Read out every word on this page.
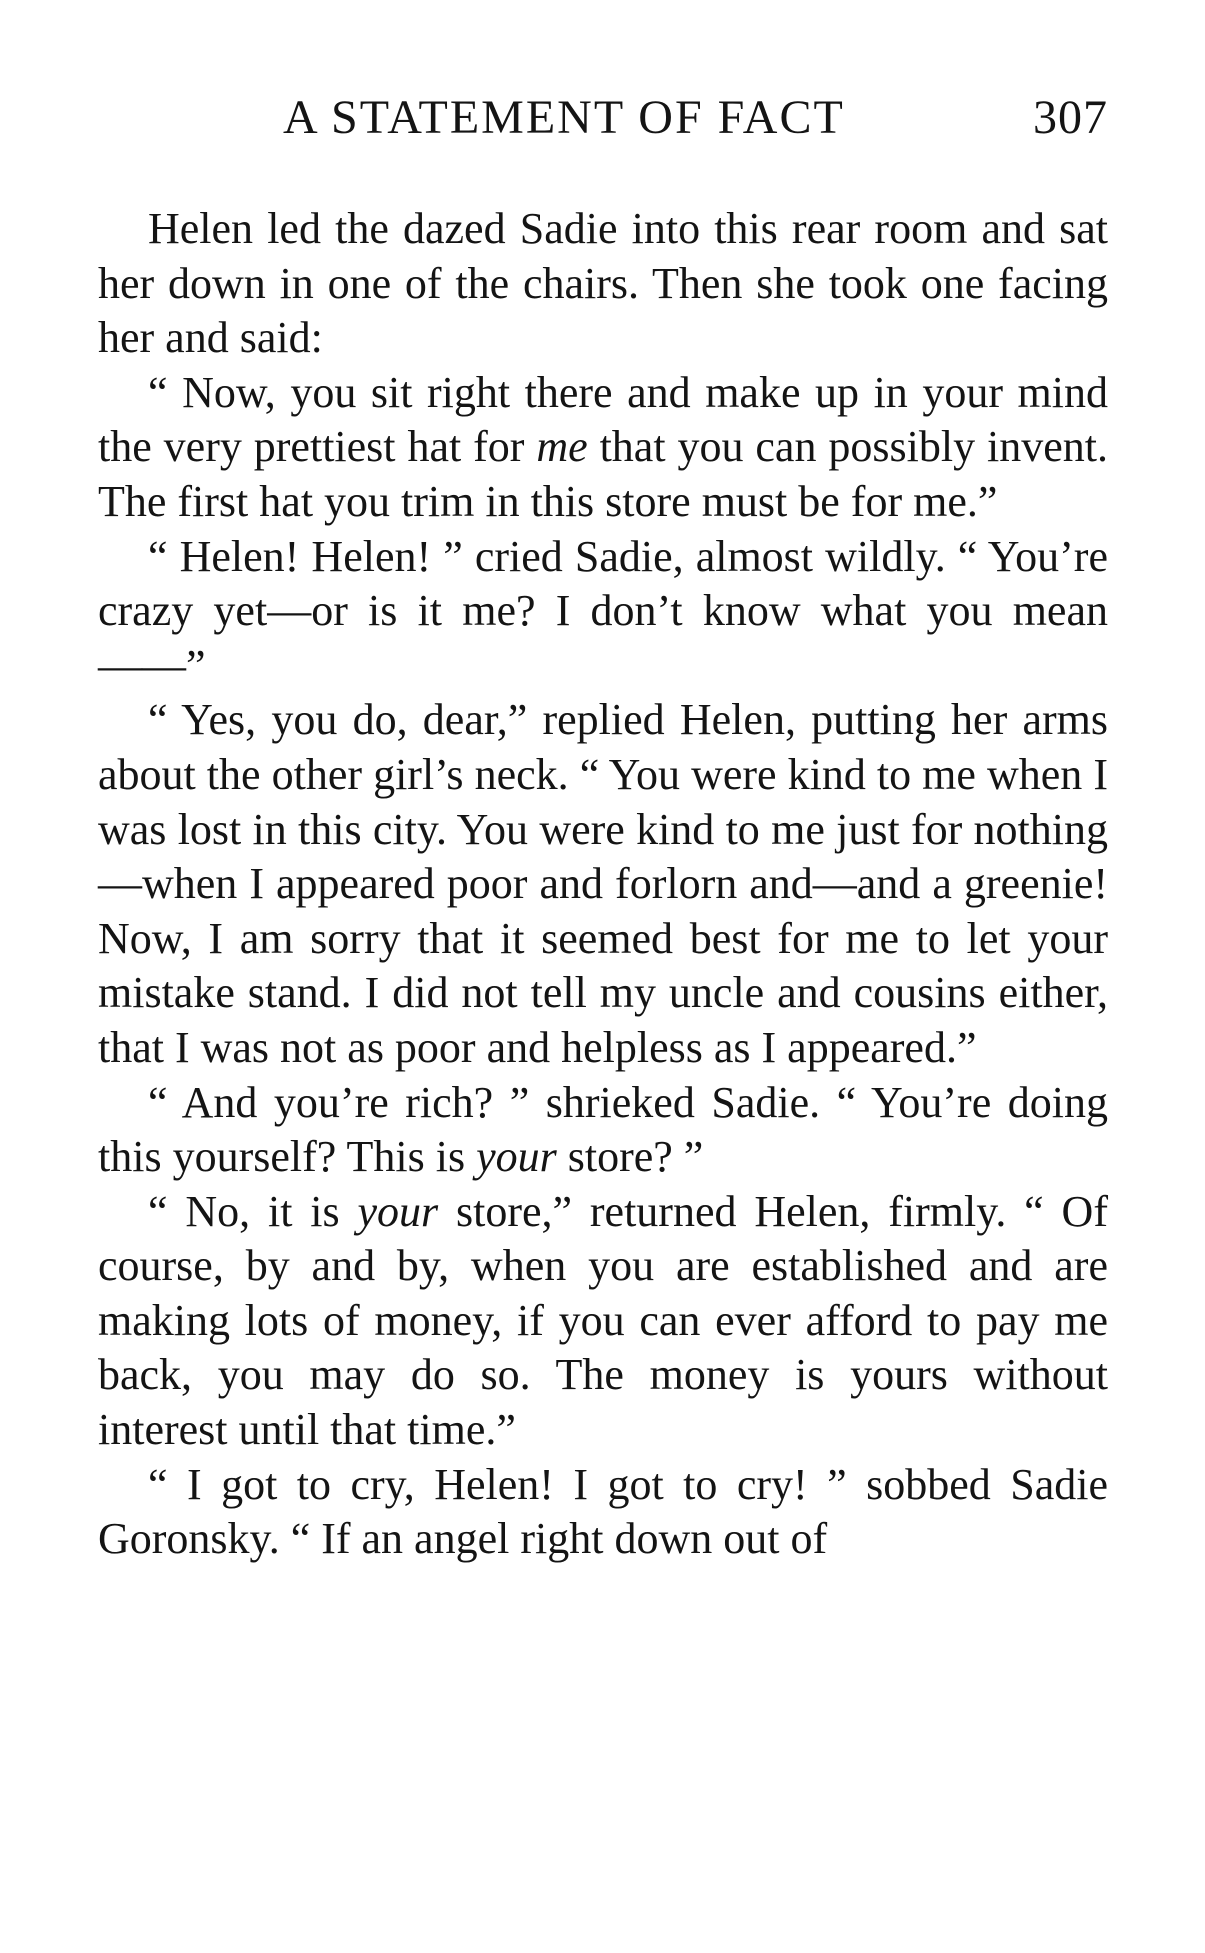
A STATEMENT OF FACT	307

Helen led the dazed Sadie into this rear room and sat her down in one of the chairs. Then she took one facing her and said:

“ Now, you sit right there and make up in your mind the very prettiest hat for me that you can possibly invent. The first hat you trim in this store must be for me.”

“ Helen! Helen! ” cried Sadie, almost wildly. “ You’re crazy yet—or is it me? I don’t know what you mean——”

“ Yes, you do, dear,” replied Helen, putting her arms about the other girl’s neck. “ You were kind to me when I was lost in this city. You were kind to me just for nothing—when I appeared poor and forlorn and—and a greenie! Now, I am sorry that it seemed best for me to let your mistake stand. I did not tell my uncle and cousins either, that I was not as poor and helpless as I appeared.”

“ And you’re rich? ” shrieked Sadie. “ You’re doing this yourself? This is your store? ”

“ No, it is your store,” returned Helen, firmly. “ Of course, by and by, when you are established and are making lots of money, if you can ever afford to pay me back, you may do so. The money is yours without interest until that time.”

“ I got to cry, Helen! I got to cry! ” sobbed Sadie Goronsky. “ If an angel right down out of
